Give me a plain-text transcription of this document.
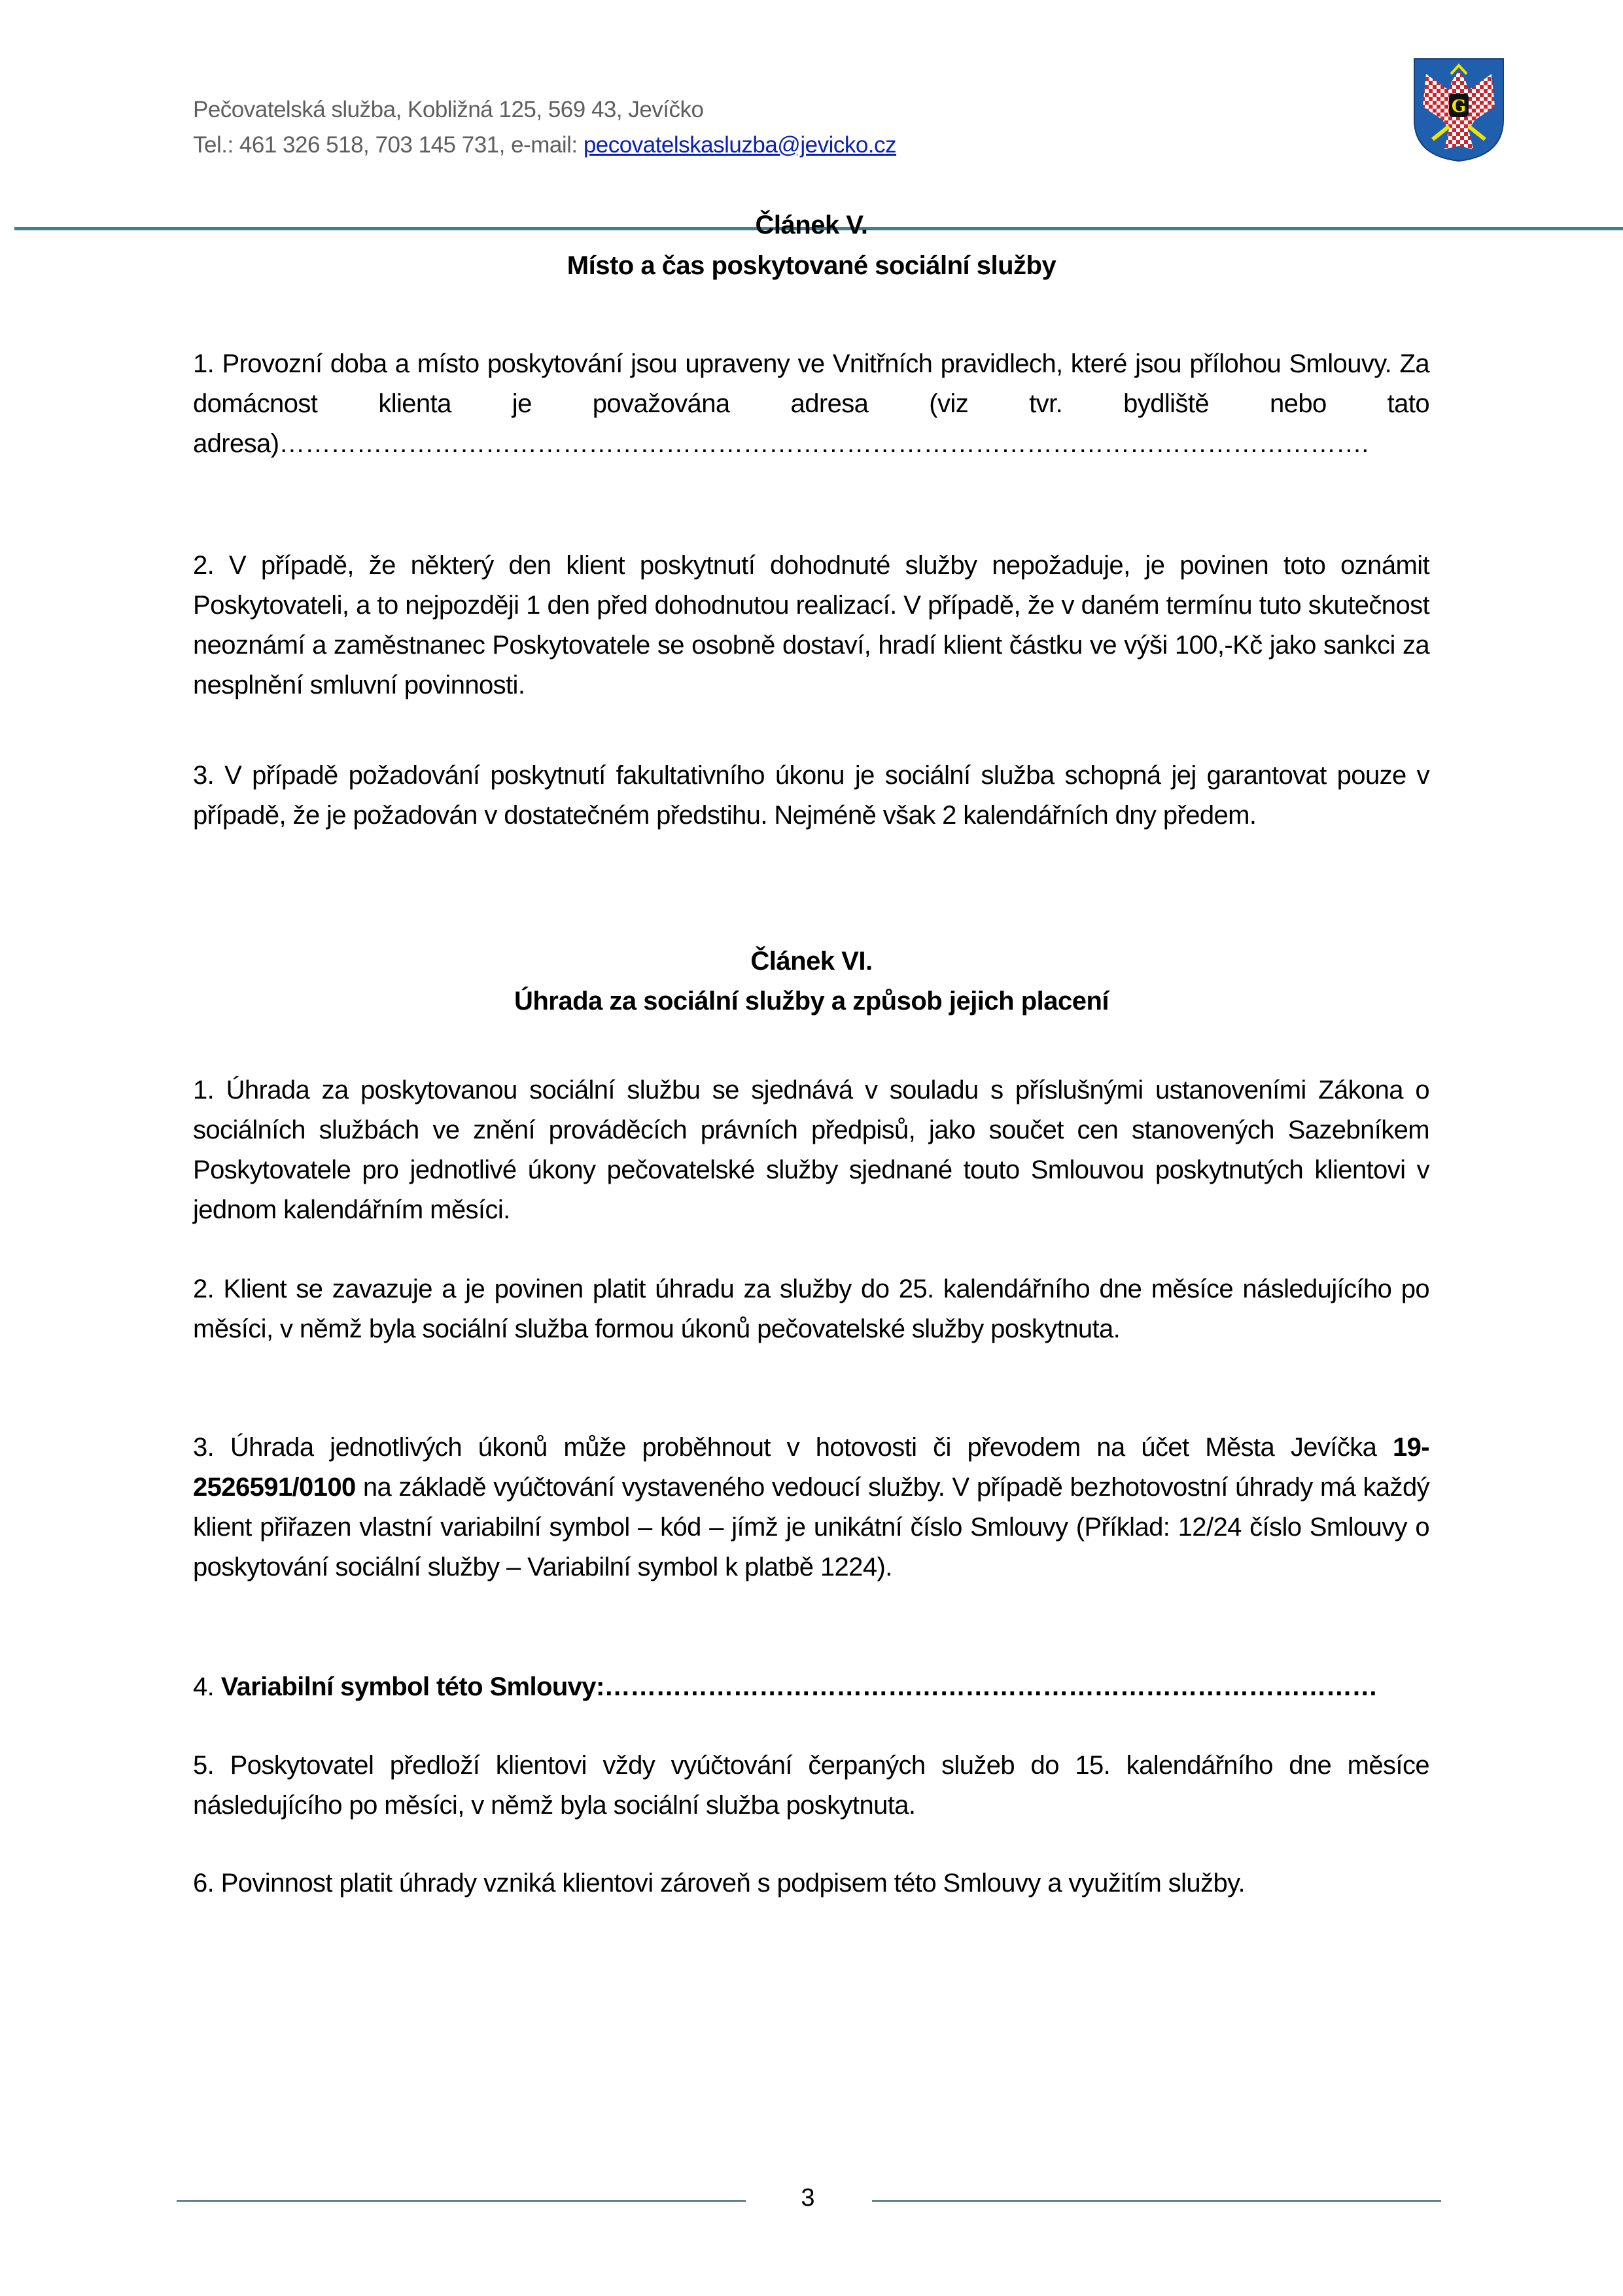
Pečovatelská služba, Kobližná 125, 569 43, Jevíčko
Tel.: 461 326 518, 703 145 731, e-mail: pecovatelskasluzba@jevicko.cz
G
Článek V.
Místo a čas poskytované sociální služby
1. Provozní doba a místo poskytování jsou upraveny ve Vnitřních pravidlech, které jsou přílohou Smlouvy. Za domácnost klienta je považována adresa (viz tvr. bydliště nebo tato adresa)……………………………………………………………………………………………………………….
2. V případě, že některý den klient poskytnutí dohodnuté služby nepožaduje, je povinen toto oznámit Poskytovateli, a to nejpozději 1 den před dohodnutou realizací. V případě, že v daném termínu tuto skutečnost neoznámí a zaměstnanec Poskytovatele se osobně dostaví, hradí klient částku ve výši 100,-Kč jako sankci za nesplnění smluvní povinnosti.
3. V případě požadování poskytnutí fakultativního úkonu je sociální služba schopná jej garantovat pouze v případě, že je požadován v dostatečném předstihu. Nejméně však 2 kalendářních dny předem.
Článek VI.
Úhrada za sociální služby a způsob jejich placení
1. Úhrada za poskytovanou sociální službu se sjednává v souladu s příslušnými ustanoveními Zákona o sociálních službách ve znění prováděcích právních předpisů, jako součet cen stanovených Sazebníkem Poskytovatele pro jednotlivé úkony pečovatelské služby sjednané touto Smlouvou poskytnutých klientovi v jednom kalendářním měsíci.
2. Klient se zavazuje a je povinen platit úhradu za služby do 25. kalendářního dne měsíce následujícího po měsíci, v němž byla sociální služba formou úkonů pečovatelské služby poskytnuta.
3. Úhrada jednotlivých úkonů může proběhnout v hotovosti či převodem na účet Města Jevíčka 19-2526591/0100 na základě vyúčtování vystaveného vedoucí služby. V případě bezhotovostní úhrady má každý klient přiřazen vlastní variabilní symbol – kód – jímž je unikátní číslo Smlouvy (Příklad: 12/24 číslo Smlouvy o poskytování sociální služby – Variabilní symbol k platbě 1224).
4. Variabilní symbol této Smlouvy:………………………………………………………………………………
5. Poskytovatel předloží klientovi vždy vyúčtování čerpaných služeb do 15. kalendářního dne měsíce následujícího po měsíci, v němž byla sociální služba poskytnuta.
6. Povinnost platit úhrady vzniká klientovi zároveň s podpisem této Smlouvy a využitím služby.
3
